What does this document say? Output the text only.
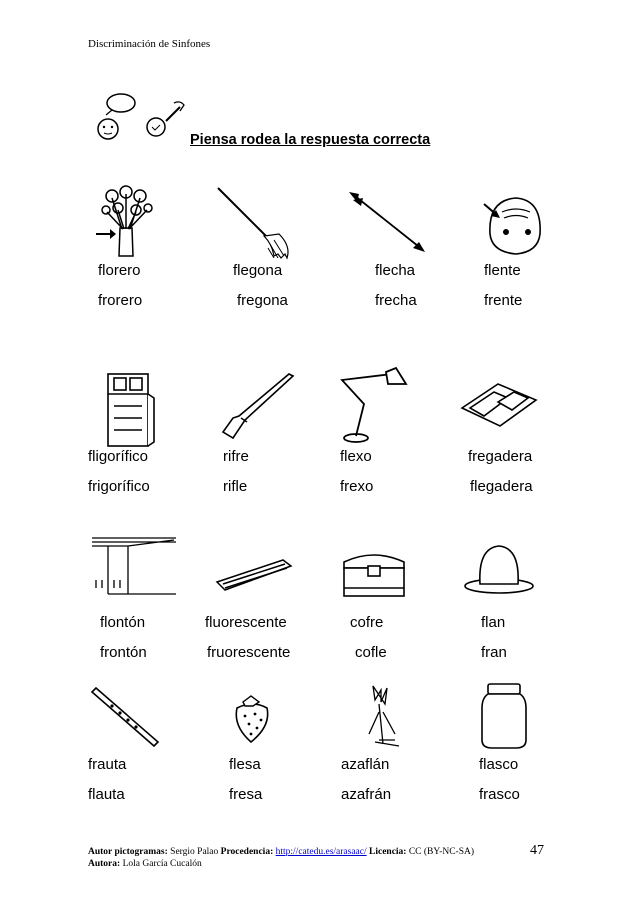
Discriminación de Sinfones
Piensa rodea la respuesta correcta
florero
frorero
flegona
fregona
flecha
frecha
flente
frente
fligorífico
frigorífico
rifre
rifle
flexo
frexo
fregadera
flegadera
flontón
frontón
fluorescente
fruorescente
cofre
cofle
flan
fran
frauta
flauta
flesa
fresa
azaflán
azafrán
flasco
frasco
Autor pictogramas: Sergio Palao Procedencia: http://catedu.es/arasaac/ Licencia: CC (BY-NC-SA)
Autora: Lola García Cucalón
47
